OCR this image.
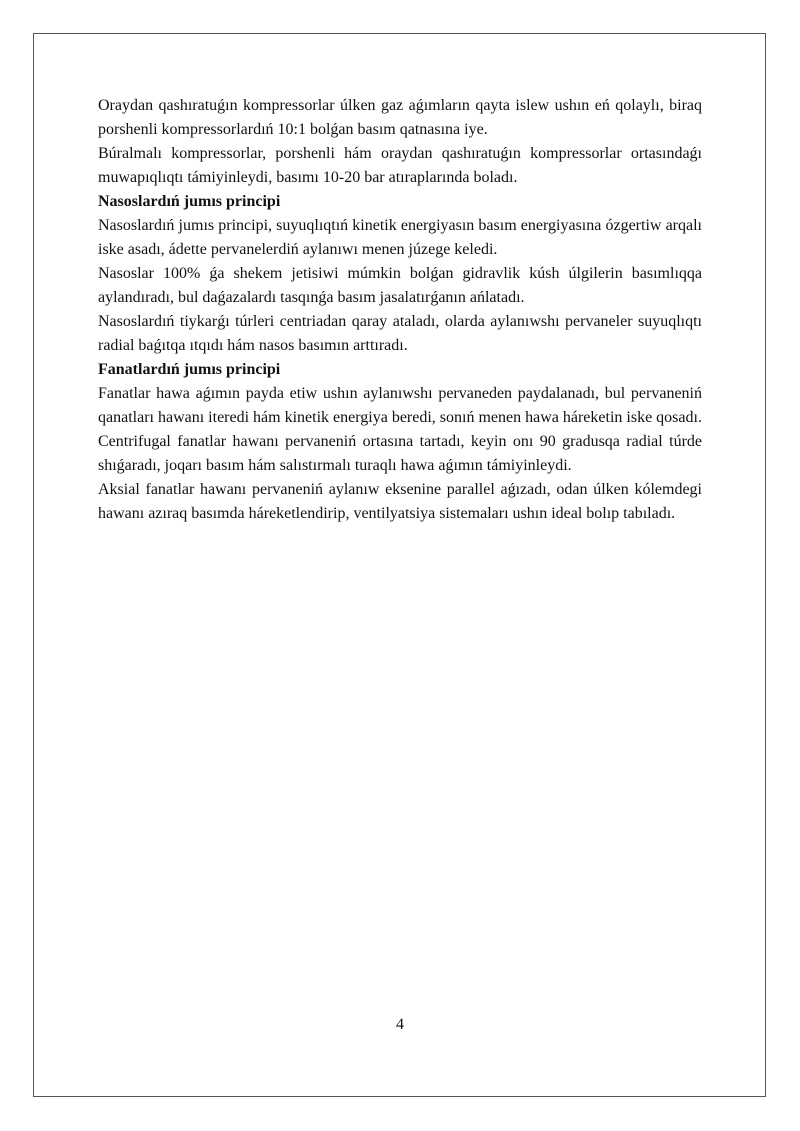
Oraydan qashıratuǵın kompressorlar úlken gaz aǵımların qayta islew ushın eń qolaylı, biraq porshenli kompressorlardıń 10:1 bolǵan basım qatnasına iye.

Búralmalı kompressorlar, porshenli hám oraydan qashıratuǵın kompressorlar ortasındaǵı muwapıqlıqtı támiyinleydi, basımı 10-20 bar atıraplarında boladı.

Nasoslardıń jumıs principi

Nasoslardıń jumıs principi, suyuqlıqtıń kinetik energiyasın basım energiyasına ózgertiw arqalı iske asadı, ádette pervanelerdiń aylanıwı menen júzege keledi.

Nasoslar 100% ǵa shekem jetisiwi múmkin bolǵan gidravlik kúsh úlgilerin basımlıqqa aylandıradı, bul daǵazalardı tasqınǵa basım jasalatırǵanın ańlatadı.

Nasoslardıń tiykarǵı túrleri centriadan qaray ataladı, olarda aylanıwshı pervaneler suyuqlıqtı radial baǵıtqa ıtqıdı hám nasos basımın arttıradı.

Fanatlardıń jumıs principi

Fanatlar hawa aǵımın payda etiw ushın aylanıwshı pervaneden paydalanadı, bul pervaneniń qanatları hawanı iteredi hám kinetik energiya beredi, sonıń menen hawa háreketin iske qosadı.

Centrifugal fanatlar hawanı pervaneniń ortasına tartadı, keyin onı 90 gradusqa radial túrde shıǵaradı, joqarı basım hám salıstırmalı turaqlı hawa aǵımın támiyinleydi.

Aksial fanatlar hawanı pervaneniń aylanıw eksenine parallel aǵızadı, odan úlken kólemdegi hawanı azıraq basımda háreketlendirip, ventilyatsiya sistemaları ushın ideal bolıp tabıladı.

4
